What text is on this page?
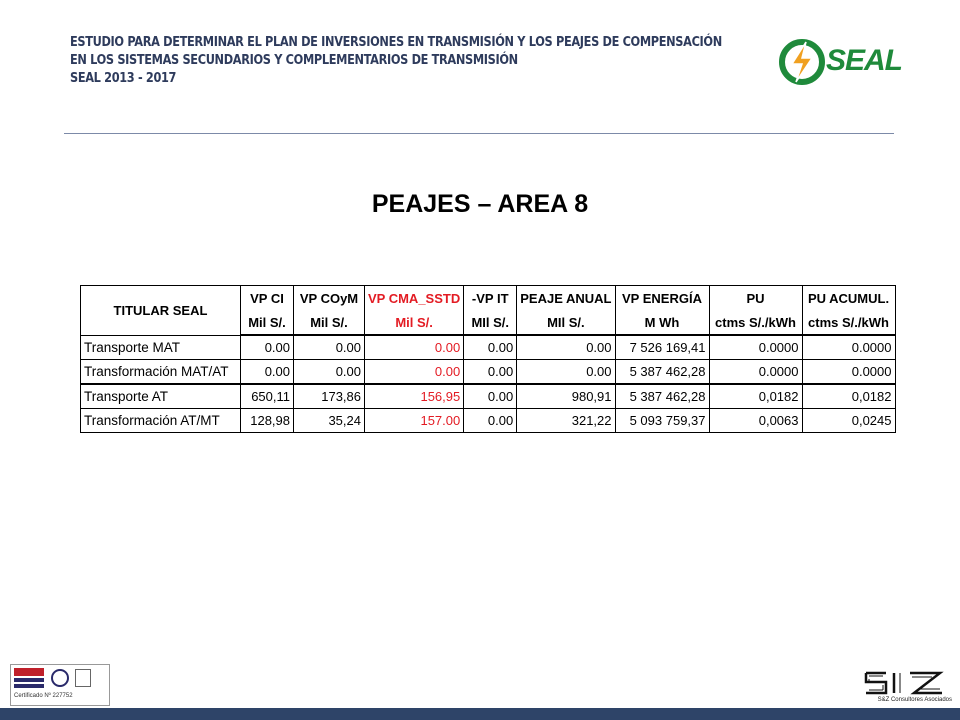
ESTUDIO PARA DETERMINAR EL PLAN DE INVERSIONES EN TRANSMISIÓN Y LOS PEAJES DE COMPENSACIÓN
EN LOS SISTEMAS SECUNDARIOS Y COMPLEMENTARIOS DE TRANSMISIÓN
SEAL 2013 - 2017
SEAL
PEAJES – AREA 8
TITULAR SEAL	VP CI	VP COyM	VP CMA_SSTD	-VP IT	PEAJE ANUAL	VP ENERGÍA	PU	PU ACUMUL.
	Mil S/.	Mil S/.	Mil S/.	MIl S/.	MIl S/.	M Wh	ctms S/./kWh	ctms S/./kWh
Transporte MAT	0.00	0.00	0.00	0.00	0.00	7 526 169,41	0.0000	0.0000
Transformación MAT/AT	0.00	0.00	0.00	0.00	0.00	5 387 462,28	0.0000	0.0000
Transporte AT	650,11	173,86	156,95	0.00	980,91	5 387 462,28	0,0182	0,0182
Transformación AT/MT	128,98	35,24	157.00	0.00	321,22	5 093 759,37	0,0063	0,0245
Certificado Nº 227752
S&Z Consultores Asociados
